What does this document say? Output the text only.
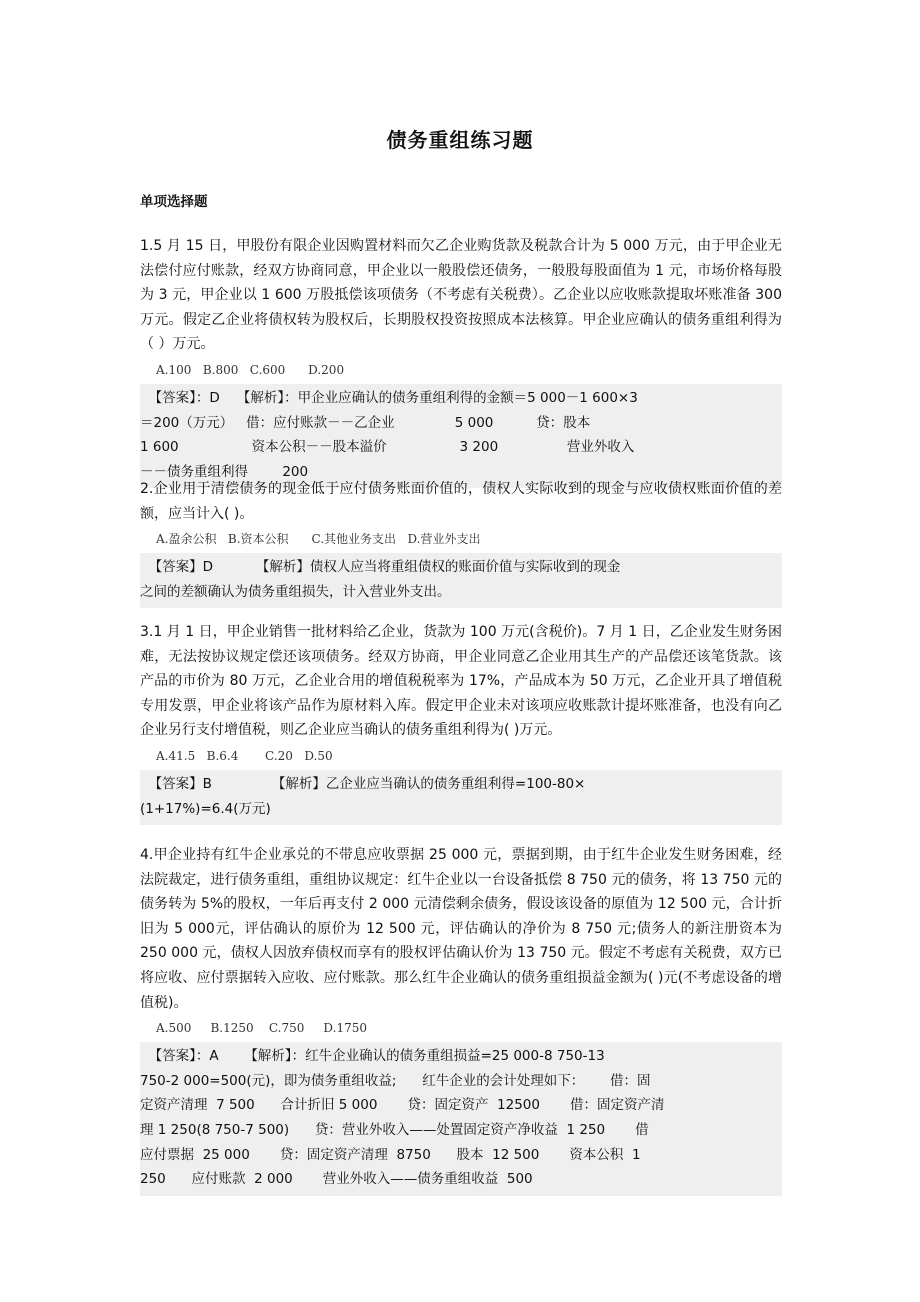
债务重组练习题

单项选择题

1.5 月 15 日，甲股份有限企业因购置材料而欠乙企业购货款及税款合计为 5 000 万元，由于甲企业无法偿付应付账款，经双方协商同意，甲企业以一般股偿还债务，一般股每股面值为 1 元，市场价格每股为 3 元，甲企业以 1 600 万股抵偿该项债务（不考虑有关税费）。乙企业以应收账款提取坏账准备 300 万元。假定乙企业将债权转为股权后，长期股权投资按照成本法核算。甲企业应确认的债务重组利得为（ ）万元。

A.100   B.800   C.600      D.200
【答案】：D    【解析】：甲企业应确认的债务重组利得的金额＝5 000－1 600×3
＝200（万元）   借：应付账款－－乙企业              5 000          贷：股本
1 600                 资本公积－－股本溢价                 3 200                营业外收入
－－债务重组利得        200

2.企业用于清偿债务的现金低于应付债务账面价值的，债权人实际收到的现金与应收债权账面价值的差额，应当计入( )。

A.盈余公积   B.资本公积      C.其他业务支出   D.营业外支出
【答案】D          【解析】债权人应当将重组债权的账面价值与实际收到的现金
之间的差额确认为债务重组损失，计入营业外支出。

3.1 月 1 日，甲企业销售一批材料给乙企业，货款为 100 万元(含税价)。7 月 1 日，乙企业发生财务困难，无法按协议规定偿还该项债务。经双方协商，甲企业同意乙企业用其生产的产品偿还该笔货款。该产品的市价为 80 万元，乙企业合用的增值税税率为 17%，产品成本为 50 万元，乙企业开具了增值税专用发票，甲企业将该产品作为原材料入库。假定甲企业未对该项应收账款计提坏账准备，也没有向乙企业另行支付增值税，则乙企业应当确认的债务重组利得为( )万元。

A.41.5   B.6.4       C.20   D.50
【答案】B              【解析】乙企业应当确认的债务重组利得=100-80×
(1+17%)=6.4(万元)

4.甲企业持有红牛企业承兑的不带息应收票据 25 000 元，票据到期，由于红牛企业发生财务困难，经法院裁定，进行债务重组，重组协议规定：红牛企业以一台设备抵偿 8 750 元的债务，将 13 750 元的债务转为 5%的股权，一年后再支付 2 000 元清偿剩余债务，假设该设备的原值为 12 500 元，合计折旧为 5 000元，评估确认的原价为 12 500 元，评估确认的净价为 8 750 元;债务人的新注册资本为 250 000 元，债权人因放弃债权而享有的股权评估确认价为 13 750 元。假定不考虑有关税费，双方已将应收、应付票据转入应收、应付账款。那么红牛企业确认的债务重组损益金额为( )元(不考虑设备的增值税)。

A.500     B.1250    C.750     D.1750
【答案】：A      【解析】：红牛企业确认的债务重组损益=25 000-8 750-13
750-2 000=500(元)，即为债务重组收益;      红牛企业的会计处理如下：      借：固
定资产清理  7 500      合计折旧 5 000       贷：固定资产  12500       借：固定资产清
理 1 250(8 750-7 500)      贷：营业外收入——处置固定资产净收益  1 250       借
应付票据  25 000       贷：固定资产清理  8750      股本  12 500       资本公积  1
250      应付账款  2 000       营业外收入——债务重组收益  500
